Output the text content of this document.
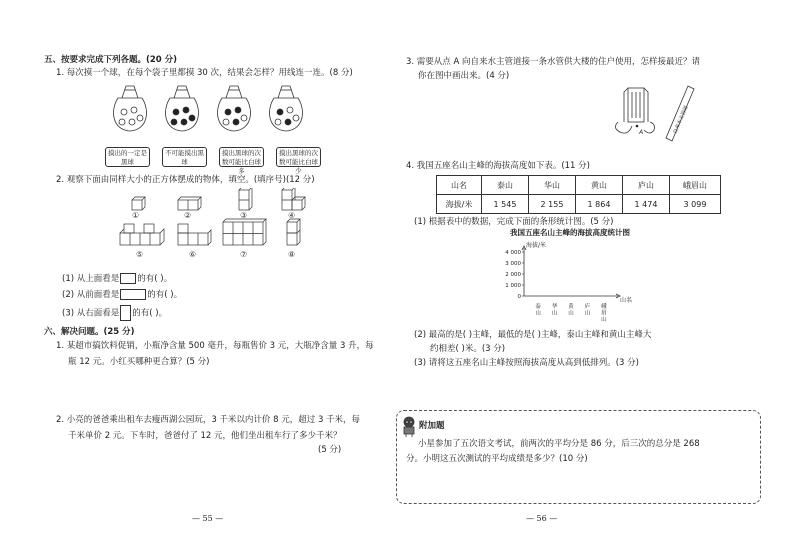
五、按要求完成下列各题。(20 分)
1. 每次摸一个球，在每个袋子里都摸 30 次，结果会怎样？用线连一连。(8 分)
摸出的一定是黑球
不可能摸出黑球
摸出黑球的次数可能比白球多
摸出黑球的次数可能比白球少
2. 观察下面由同样大小的正方体摆成的物体，填空。(填序号)(12 分)
①	②	③	④
⑤	⑥	⑦	⑧
(1) 从上面看是 的有( )。
(2) 从前面看是	的有( )。
(3) 从右面看是 的有( )。
六、解决问题。(25 分)
1. 某超市搞饮料促销，小瓶净含量 500 毫升，每瓶售价 3 元，大瓶净含量 3 升，每
瓶 12 元。小红买哪种更合算？(5 分)
2. 小亮的爸爸乘出租车去瘦西湖公园玩，3 千米以内计价 8 元，超过 3 千米，每
千米单价 2 元。下车时，爸爸付了 12 元，他们坐出租车行了多少千米？
(5 分)
— 55 —
3. 需要从点 A 向自来水主管道接一条水管供大楼的住户使用，怎样接最近？请
你在图中画出来。(4 分)
A	自来水主管道
4. 我国五座名山主峰的海拔高度如下表。(11 分)
山名	泰山	华山	黄山	庐山	峨眉山
海拔/米	1 545	2 155	1 864	1 474	3 099
(1) 根据表中的数据，完成下面的条形统计图。(5 分)
我国五座名山主峰的海拔高度统计图
海拔/米
0
1 000
2 000
3 000
4 000
泰山 华山 黄山 庐山 峨眉山
山名
(2) 最高的是( )主峰，最低的是( )主峰，泰山主峰和黄山主峰大
约相差( )米。(3 分)
(3) 请将这五座名山主峰按照海拔高度从高到低排列。(3 分)
附加题
小星参加了五次语文考试，前两次的平均分是 86 分，后三次的总分是 268
分。小明这五次测试的平均成绩是多少？(10 分)
— 56 —
